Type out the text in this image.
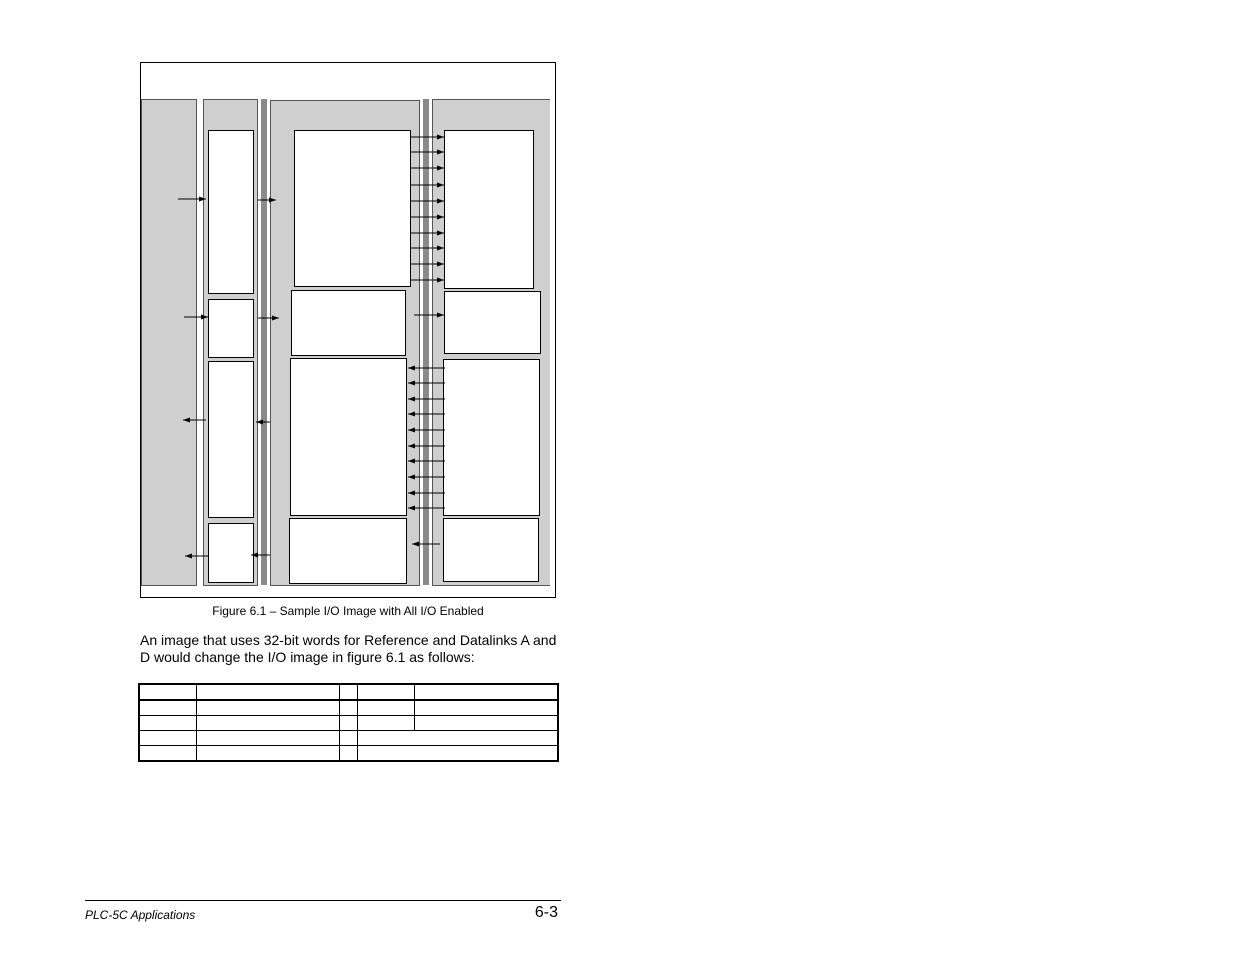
Figure 6.1 – Sample I/O Image with All I/O Enabled
An image that uses 32-bit words for Reference and Datalinks A and D would change the I/O image in figure 6.1 as follows:

PLC-5C Applications	6-3
